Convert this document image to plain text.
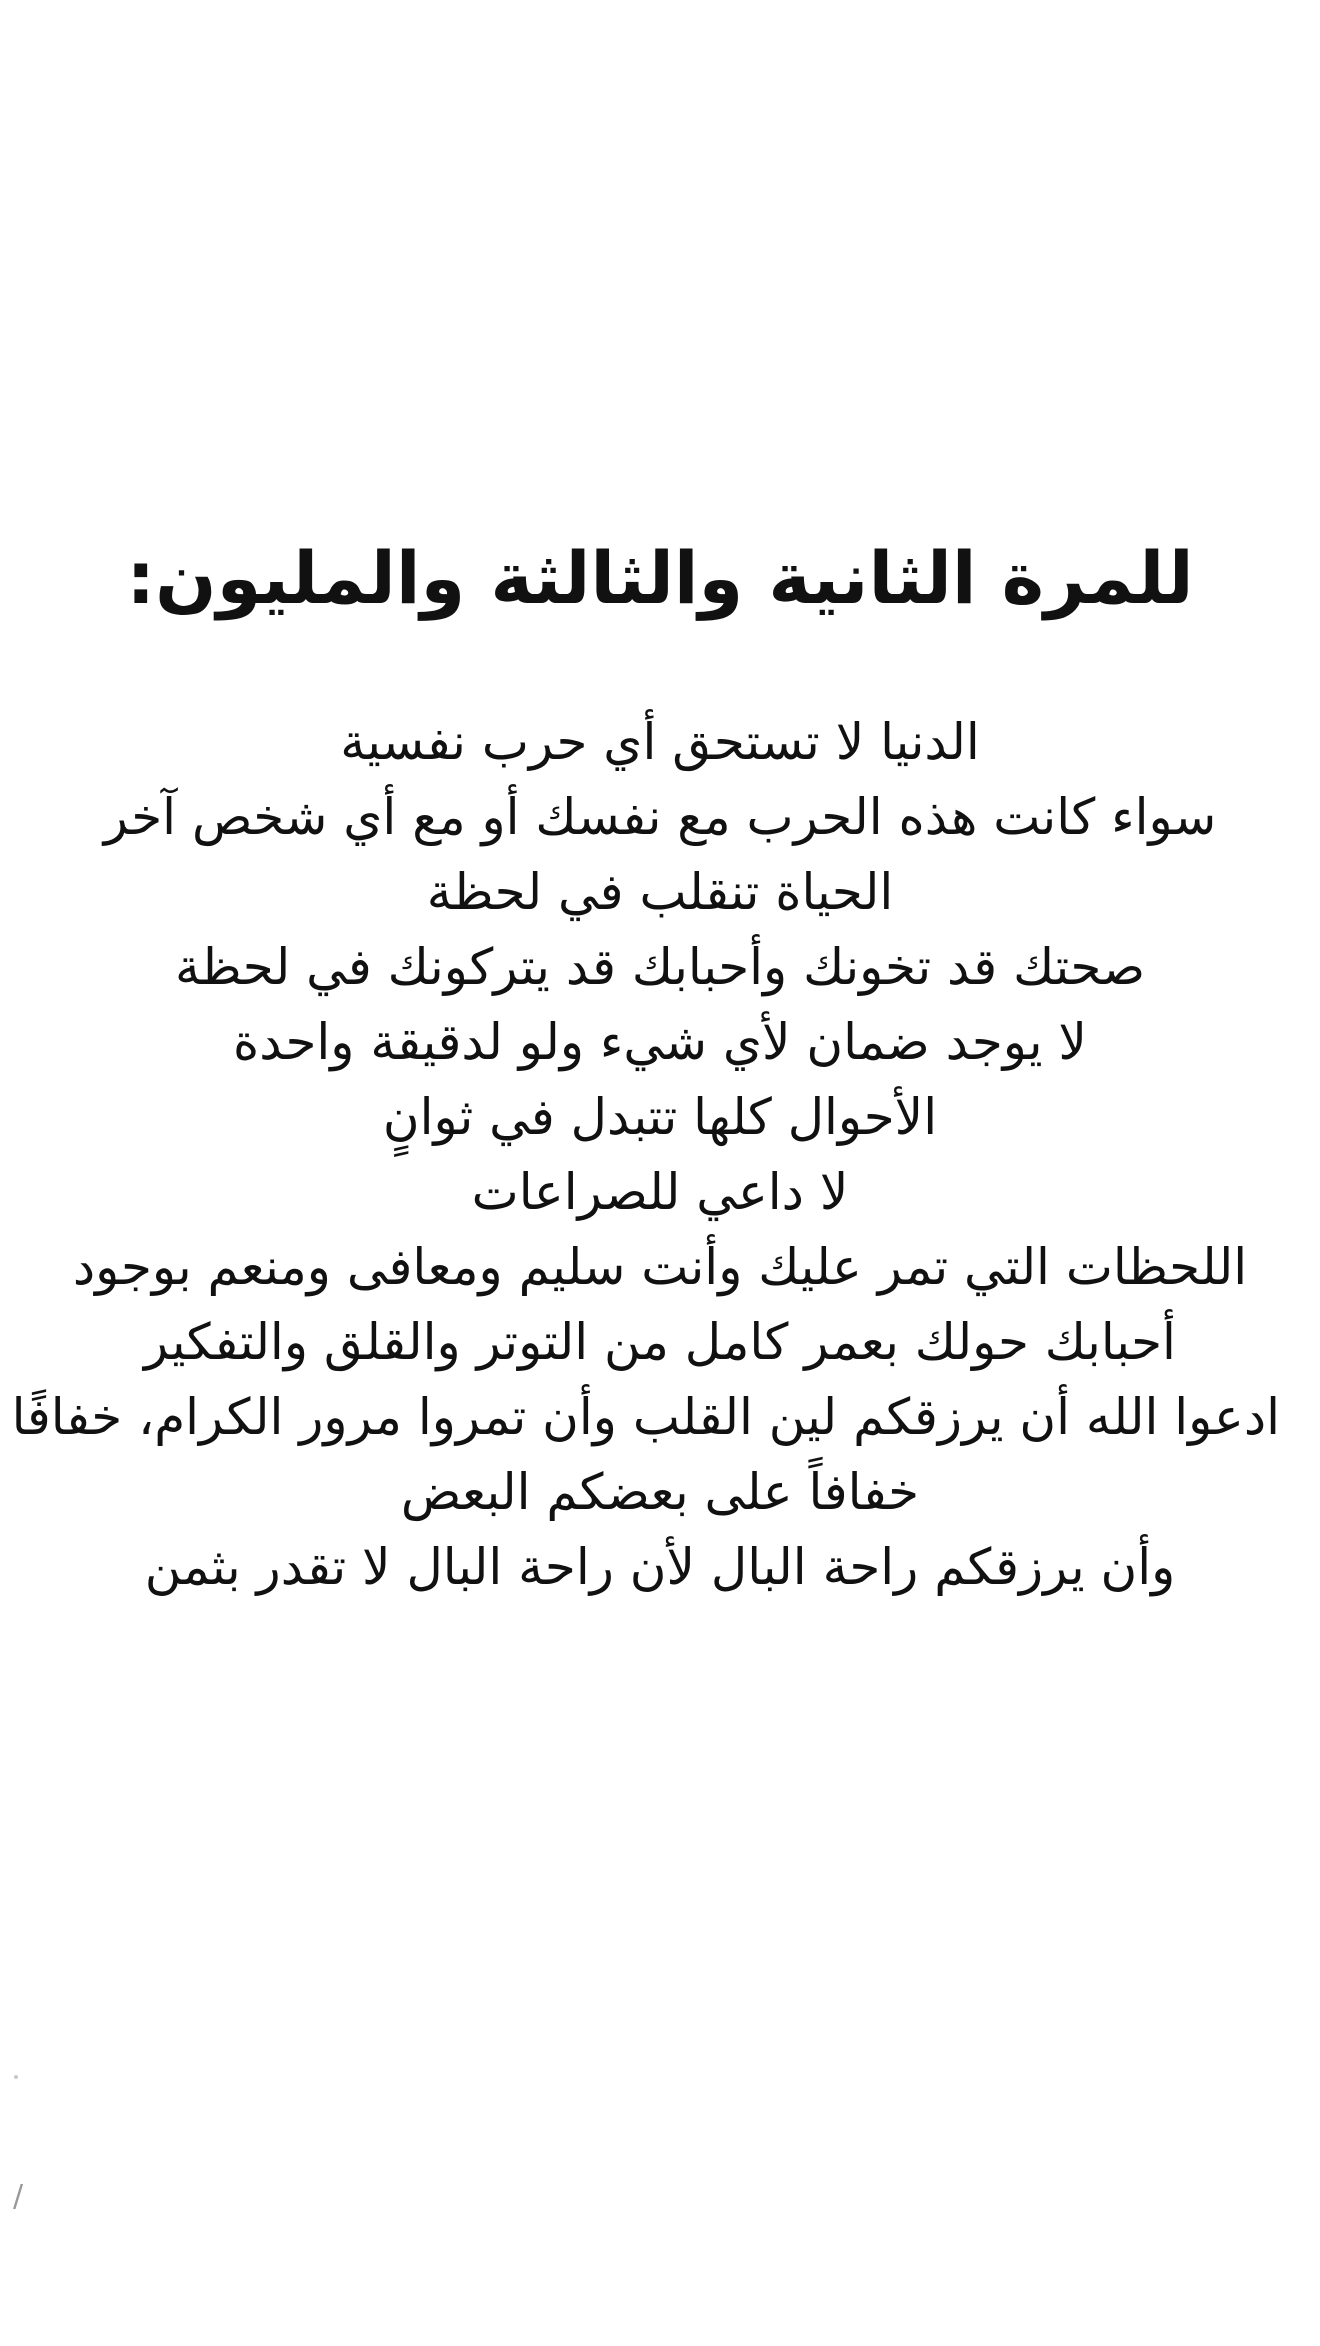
للمرة الثانية والثالثة والمليون:
الدنيا لا تستحق أي حرب نفسية
سواء كانت هذه الحرب مع نفسك أو مع أي شخص آخر
الحياة تنقلب في لحظة
صحتك قد تخونك وأحبابك قد يتركونك في لحظة
لا يوجد ضمان لأي شيء ولو لدقيقة واحدة
الأحوال كلها تتبدل في ثوانٍ
لا داعي للصراعات
اللحظات التي تمر عليك وأنت سليم ومعافى ومنعم بوجود
أحبابك حولك بعمر كامل من التوتر والقلق والتفكير
ادعوا الله أن يرزقكم لين القلب وأن تمروا مرور الكرام، خفافًا
خفافاً على بعضكم البعض
وأن يرزقكم راحة البال لأن راحة البال لا تقدر بثمن
/
